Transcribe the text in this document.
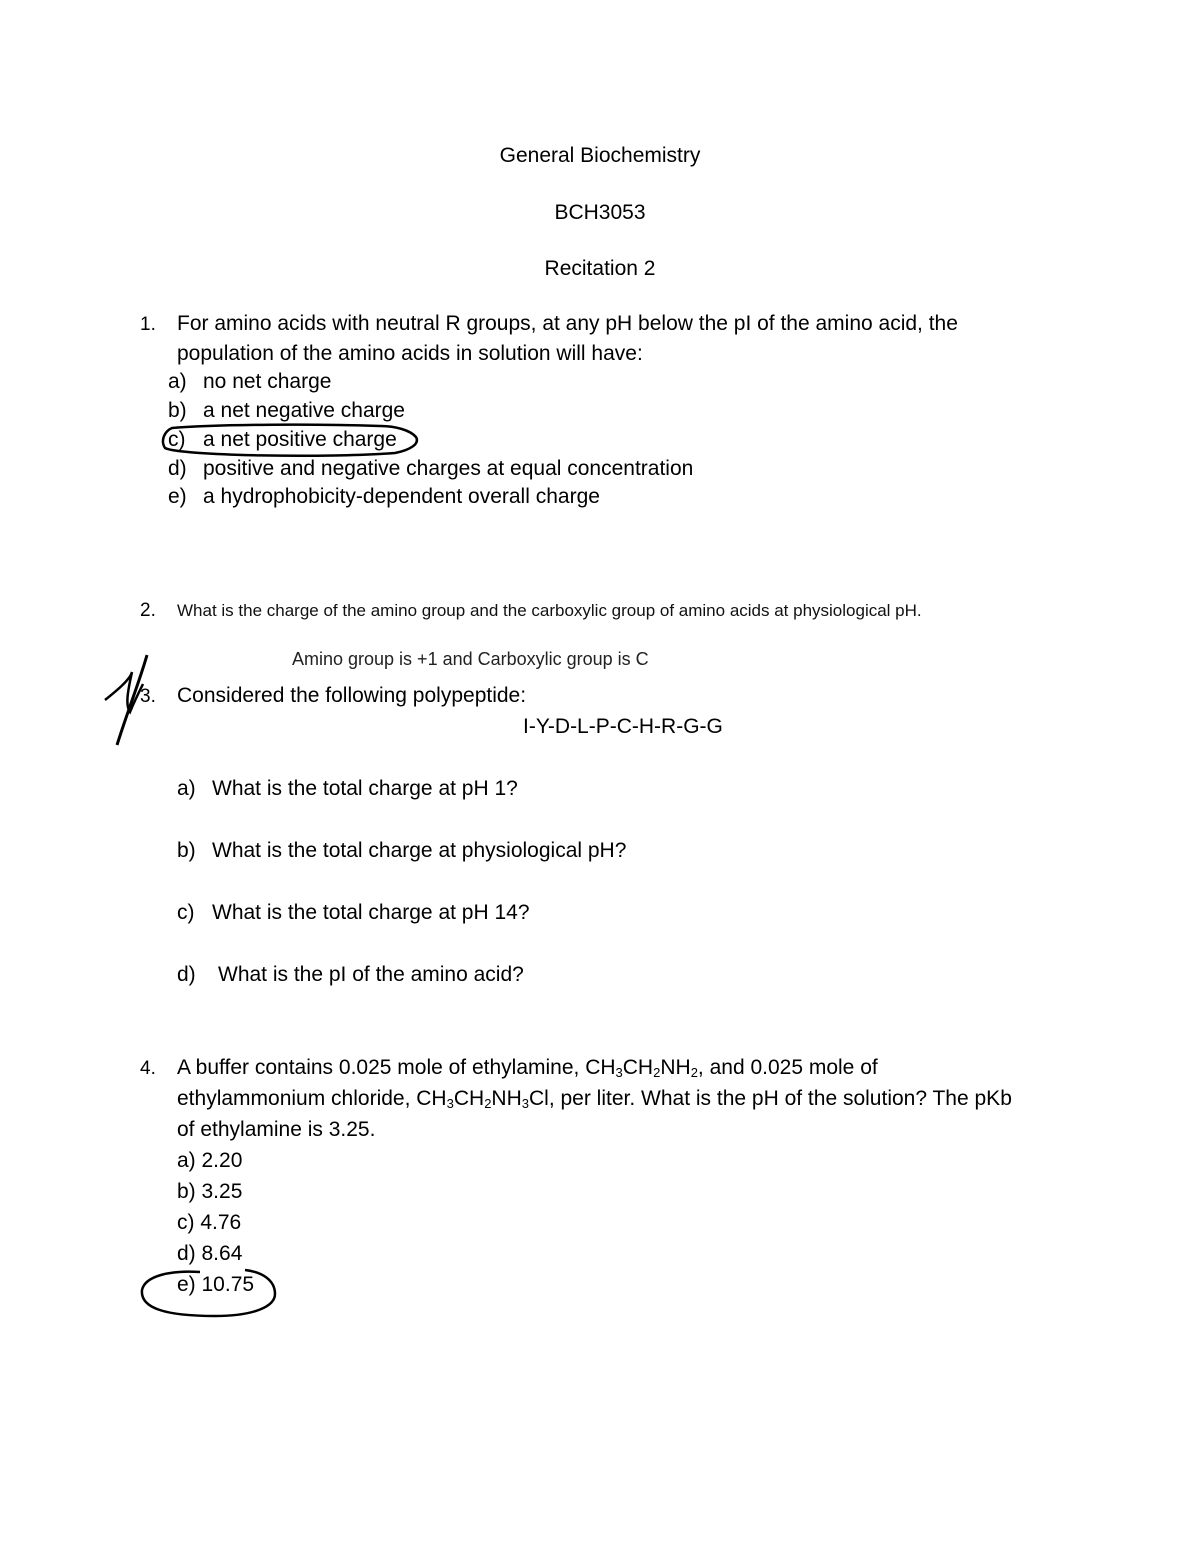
General Biochemistry
BCH3053
Recitation 2
1. For amino acids with neutral R groups, at any pH below the pI of the amino acid, the
population of the amino acids in solution will have:
a) no net charge
b) a net negative charge
c) a net positive charge
d) positive and negative charges at equal concentration
e) a hydrophobicity-dependent overall charge
2. What is the charge of the amino group and the carboxylic group of amino acids at physiological pH.
Amino group is +1 and Carboxylic group is C
3. Considered the following polypeptide:
I-Y-D-L-P-C-H-R-G-G
a) What is the total charge at pH 1?
b) What is the total charge at physiological pH?
c) What is the total charge at pH 14?
d) What is the pI of the amino acid?
4. A buffer contains 0.025 mole of ethylamine, $CH_3CH_2NH_2$, and 0.025 mole of
ethylammonium chloride, $CH_3CH_2NH_3Cl$, per liter. What is the pH of the solution? The pKb
of ethylamine is 3.25.
a) 2.20
b) 3.25
c) 4.76
d) 8.64
e) 10.75
